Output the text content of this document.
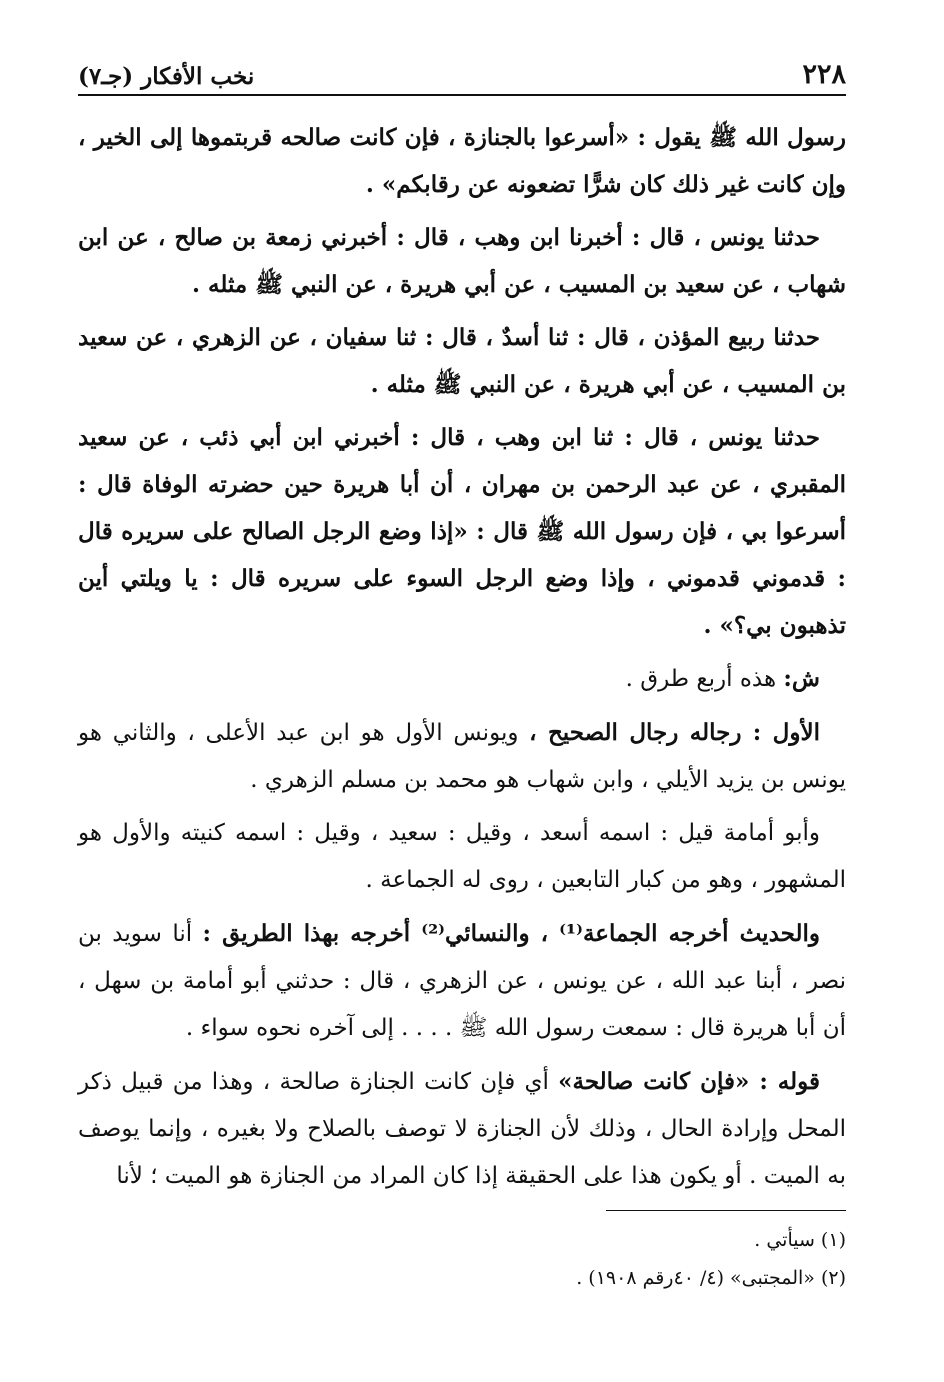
٢٢٨
نخب الأفكار (جـ٧)

رسول الله ﷺ يقول : «أسرعوا بالجنازة ، فإن كانت صالحه قربتموها إلى الخير ، وإن كانت غير ذلك كان شرًّا تضعونه عن رقابكم» .

حدثنا يونس ، قال : أخبرنا ابن وهب ، قال : أخبرني زمعة بن صالح ، عن ابن شهاب ، عن سعيد بن المسيب ، عن أبي هريرة ، عن النبي ﷺ مثله .

حدثنا ربيع المؤذن ، قال : ثنا أسدٌ ، قال : ثنا سفيان ، عن الزهري ، عن سعيد بن المسيب ، عن أبي هريرة ، عن النبي ﷺ مثله .

حدثنا يونس ، قال : ثنا ابن وهب ، قال : أخبرني ابن أبي ذئب ، عن سعيد المقبري ، عن عبد الرحمن بن مهران ، أن أبا هريرة حين حضرته الوفاة قال : أسرعوا بي ، فإن رسول الله ﷺ قال : «إذا وضع الرجل الصالح على سريره قال : قدموني قدموني ، وإذا وضع الرجل السوء على سريره قال : يا ويلتي أين تذهبون بي؟» .

ش: هذه أربع طرق .

الأول : رجاله رجال الصحيح ، ويونس الأول هو ابن عبد الأعلى ، والثاني هو يونس بن يزيد الأيلي ، وابن شهاب هو محمد بن مسلم الزهري .

وأبو أمامة قيل : اسمه أسعد ، وقيل : سعيد ، وقيل : اسمه كنيته والأول هو المشهور ، وهو من كبار التابعين ، روى له الجماعة .

والحديث أخرجه الجماعة⁽¹⁾ ، والنسائي⁽²⁾ أخرجه بهذا الطريق : أنا سويد بن نصر ، أبنا عبد الله ، عن يونس ، عن الزهري ، قال : حدثني أبو أمامة بن سهل ، أن أبا هريرة قال : سمعت رسول الله ﷺ . . . . إلى آخره نحوه سواء .

قوله : «فإن كانت صالحة» أي فإن كانت الجنازة صالحة ، وهذا من قبيل ذكر المحل وإرادة الحال ، وذلك لأن الجنازة لا توصف بالصلاح ولا بغيره ، وإنما يوصف به الميت . أو يكون هذا على الحقيقة إذا كان المراد من الجنازة هو الميت ؛ لأنا

(١) سيأتي .

(٢) «المجتبى» (٤/ ٤٠رقم ١٩٠٨) .
